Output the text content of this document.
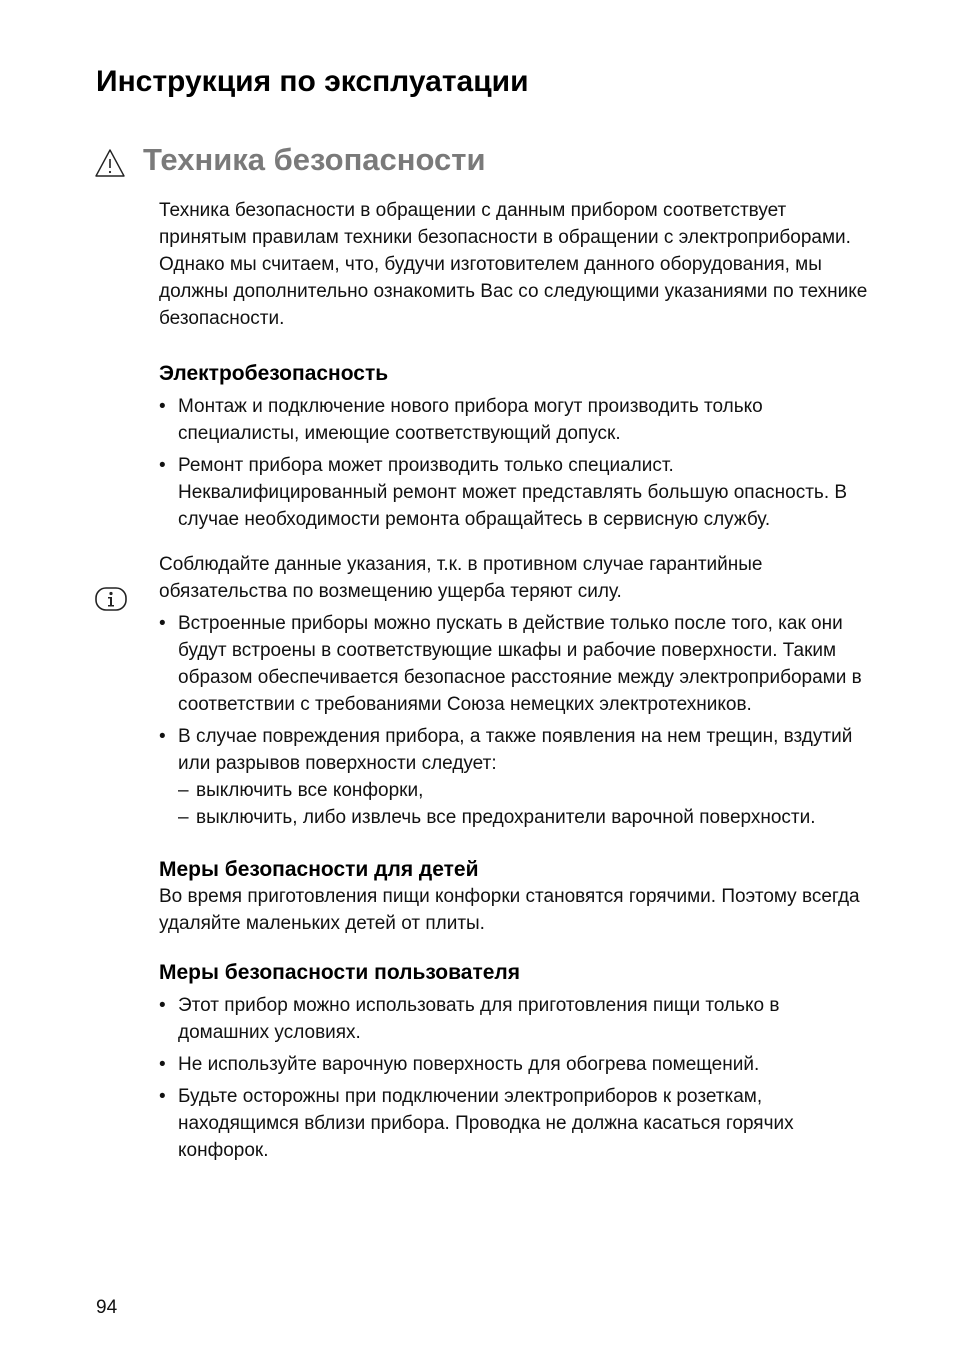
Инструкция по эксплуатации
Техника безопасности

Техника безопасности в обращении с данным прибором соответствует принятым правилам техники безопасности в обращении с электроприборами. Однако мы считаем, что, будучи изготовителем данного оборудования, мы должны дополнительно ознакомить Вас со следующими указаниями по технике безопасности.

Электробезопасность
• Монтаж и подключение нового прибора могут производить только специалисты, имеющие соответствующий допуск.
• Ремонт прибора может производить только специалист. Неквалифицированный ремонт может представлять большую опасность. В случае необходимости ремонта обращайтесь в сервисную службу.

Соблюдайте данные указания, т.к. в противном случае гарантийные обязательства по возмещению ущерба теряют силу.

• Встроенные приборы можно пускать в действие только после того, как они будут встроены в соответствующие шкафы и рабочие поверхности. Таким образом обеспечивается безопасное расстояние между электроприборами в соответствии с требованиями Союза немецких электротехников.
• В случае повреждения прибора, а также появления на нем трещин, вздутий или разрывов поверхности следует:
– выключить все конфорки,
– выключить, либо извлечь все предохранители варочной поверхности.
Меры безопасности для детей

Во время приготовления пищи конфорки становятся горячими. Поэтому всегда удаляйте маленьких детей от плиты.

Меры безопасности пользователя
• Этот прибор можно использовать для приготовления пищи только в домашних условиях.
• Не используйте варочную поверхность для обогрева помещений.
• Будьте осторожны при подключении электроприборов к розеткам, находящимся вблизи прибора. Проводка не должна касаться горячих конфорок.
94
